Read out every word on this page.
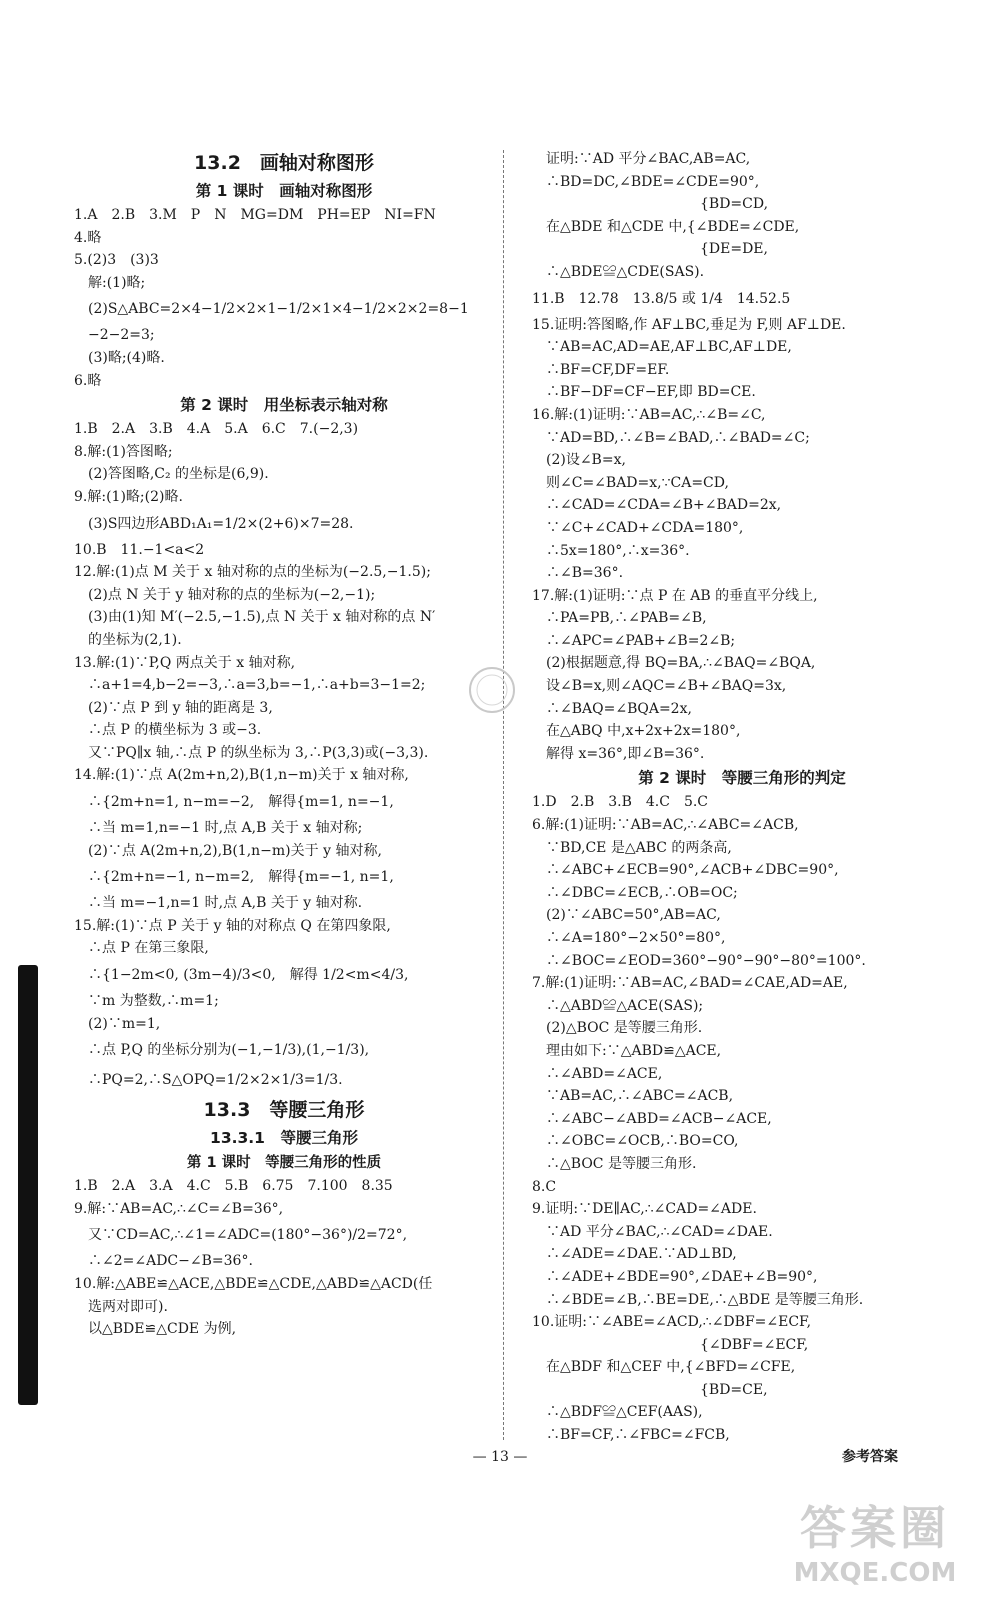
13.2　画轴对称图形
第 1 课时　画轴对称图形
1.A　2.B　3.M　P　N　MG=DM　PH=EP　NI=FN
4.略
5.(2)3　(3)3
　解:(1)略;
　(2)S△ABC=2×4−1/2×2×1−1/2×1×4−1/2×2×2=8−1
　−2−2=3;
　(3)略;(4)略.
6.略
第 2 课时　用坐标表示轴对称
1.B　2.A　3.B　4.A　5.A　6.C　7.(−2,3)
8.解:(1)答图略;
　(2)答图略,C₂ 的坐标是(6,9).
9.解:(1)略;(2)略.
　(3)S四边形ABD₁A₁=1/2×(2+6)×7=28.
10.B　11.−1<a<2
12.解:(1)点 M 关于 x 轴对称的点的坐标为(−2.5,−1.5);
　(2)点 N 关于 y 轴对称的点的坐标为(−2,−1);
　(3)由(1)知 M′(−2.5,−1.5),点 N 关于 x 轴对称的点 N′
　的坐标为(2,1).
13.解:(1)∵P,Q 两点关于 x 轴对称,
　∴a+1=4,b−2=−3,∴a=3,b=−1,∴a+b=3−1=2;
　(2)∵点 P 到 y 轴的距离是 3,
　∴点 P 的横坐标为 3 或−3.
　又∵PQ∥x 轴,∴点 P 的纵坐标为 3,∴P(3,3)或(−3,3).
14.解:(1)∵点 A(2m+n,2),B(1,n−m)关于 x 轴对称,
　∴{2m+n=1, n−m=−2,　解得{m=1, n=−1,
　∴当 m=1,n=−1 时,点 A,B 关于 x 轴对称;
　(2)∵点 A(2m+n,2),B(1,n−m)关于 y 轴对称,
　∴{2m+n=−1, n−m=2,　解得{m=−1, n=1,
　∴当 m=−1,n=1 时,点 A,B 关于 y 轴对称.
15.解:(1)∵点 P 关于 y 轴的对称点 Q 在第四象限,
　∴点 P 在第三象限,
　∴{1−2m<0, (3m−4)/3<0,　解得 1/2<m<4/3,
　∵m 为整数,∴m=1;
　(2)∵m=1,
　∴点 P,Q 的坐标分别为(−1,−1/3),(1,−1/3),
　∴PQ=2,∴S△OPQ=1/2×2×1/3=1/3.
13.3　等腰三角形
13.3.1　等腰三角形
第 1 课时　等腰三角形的性质
1.B　2.A　3.A　4.C　5.B　6.75　7.100　8.35
9.解:∵AB=AC,∴∠C=∠B=36°,
　又∵CD=AC,∴∠1=∠ADC=(180°−36°)/2=72°,
　∴∠2=∠ADC−∠B=36°.
10.解:△ABE≌△ACE,△BDE≌△CDE,△ABD≌△ACD(任
　选两对即可).
　以△BDE≌△CDE 为例,
　证明:∵AD 平分∠BAC,AB=AC,
　∴BD=DC,∠BDE=∠CDE=90°,
　　　　　　　　　　　　{BD=CD,
　在△BDE 和△CDE 中,{∠BDE=∠CDE,
　　　　　　　　　　　　{DE=DE,
　∴△BDE≌△CDE(SAS).
11.B　12.78　13.8/5 或 1/4　14.52.5
15.证明:答图略,作 AF⊥BC,垂足为 F,则 AF⊥DE.
　∵AB=AC,AD=AE,AF⊥BC,AF⊥DE,
　∴BF=CF,DF=EF.
　∴BF−DF=CF−EF,即 BD=CE.
16.解:(1)证明:∵AB=AC,∴∠B=∠C,
　∵AD=BD,∴∠B=∠BAD,∴∠BAD=∠C;
　(2)设∠B=x,
　则∠C=∠BAD=x,∵CA=CD,
　∴∠CAD=∠CDA=∠B+∠BAD=2x,
　∵∠C+∠CAD+∠CDA=180°,
　∴5x=180°,∴x=36°.
　∴∠B=36°.
17.解:(1)证明:∵点 P 在 AB 的垂直平分线上,
　∴PA=PB,∴∠PAB=∠B,
　∴∠APC=∠PAB+∠B=2∠B;
　(2)根据题意,得 BQ=BA,∴∠BAQ=∠BQA,
　设∠B=x,则∠AQC=∠B+∠BAQ=3x,
　∴∠BAQ=∠BQA=2x,
　在△ABQ 中,x+2x+2x=180°,
　解得 x=36°,即∠B=36°.
第 2 课时　等腰三角形的判定
1.D　2.B　3.B　4.C　5.C
6.解:(1)证明:∵AB=AC,∴∠ABC=∠ACB,
　∵BD,CE 是△ABC 的两条高,
　∴∠ABC+∠ECB=90°,∠ACB+∠DBC=90°,
　∴∠DBC=∠ECB,∴OB=OC;
　(2)∵∠ABC=50°,AB=AC,
　∴∠A=180°−2×50°=80°,
　∴∠BOC=∠EOD=360°−90°−90°−80°=100°.
7.解:(1)证明:∵AB=AC,∠BAD=∠CAE,AD=AE,
　∴△ABD≌△ACE(SAS);
　(2)△BOC 是等腰三角形.
　理由如下:∵△ABD≌△ACE,
　∴∠ABD=∠ACE,
　∵AB=AC,∴∠ABC=∠ACB,
　∴∠ABC−∠ABD=∠ACB−∠ACE,
　∴∠OBC=∠OCB,∴BO=CO,
　∴△BOC 是等腰三角形.
8.C
9.证明:∵DE∥AC,∴∠CAD=∠ADE.
　∵AD 平分∠BAC,∴∠CAD=∠DAE.
　∴∠ADE=∠DAE.∵AD⊥BD,
　∴∠ADE+∠BDE=90°,∠DAE+∠B=90°,
　∴∠BDE=∠B,∴BE=DE,∴△BDE 是等腰三角形.
10.证明:∵∠ABE=∠ACD,∴∠DBF=∠ECF,
　　　　　　　　　　　　{∠DBF=∠ECF,
　在△BDF 和△CEF 中,{∠BFD=∠CFE,
　　　　　　　　　　　　{BD=CE,
　∴△BDF≌△CEF(AAS),
　∴BF=CF,∴∠FBC=∠FCB,
— 13 —	参考答案
答案圈
MXQE.COM
